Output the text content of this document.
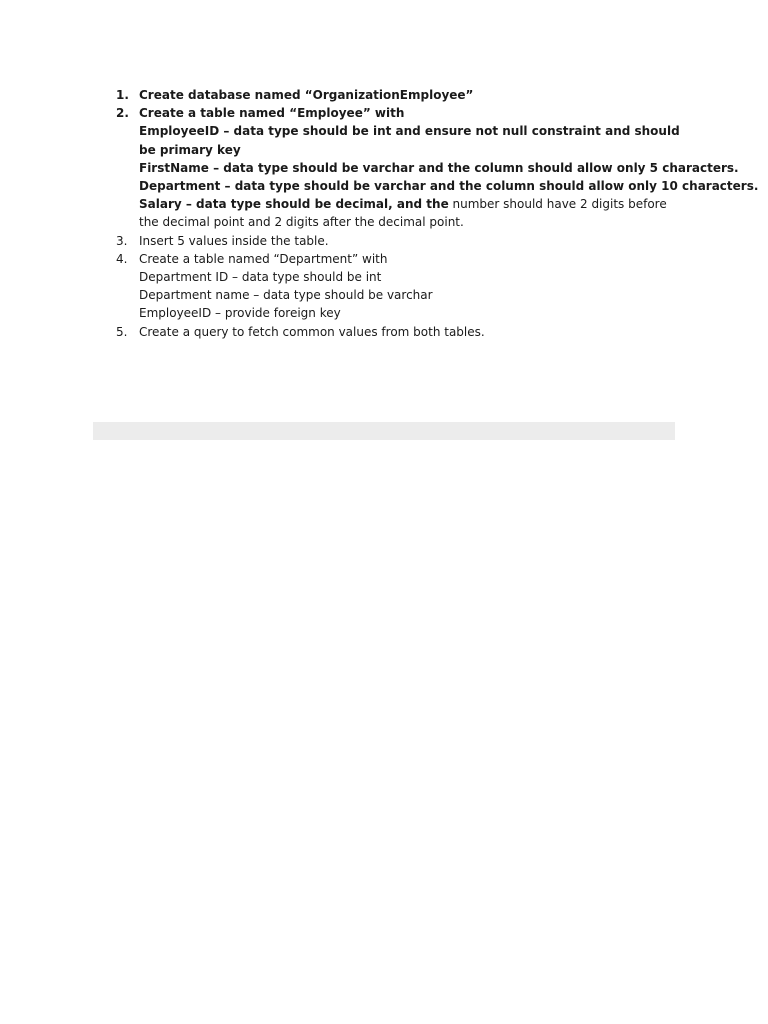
1. Create database named “OrganizationEmployee”
2. Create a table named “Employee” with
EmployeeID – data type should be int and ensure not null constraint and should be primary key
FirstName – data type should be varchar and the column should allow only 5 characters.
Department – data type should be varchar and the column should allow only 10 characters.
Salary – data type should be decimal, and the number should have 2 digits before the decimal point and 2 digits after the decimal point.
3. Insert 5 values inside the table.
4. Create a table named “Department” with
Department ID – data type should be int
Department name – data type should be varchar
EmployeeID – provide foreign key
5. Create a query to fetch common values from both tables.
